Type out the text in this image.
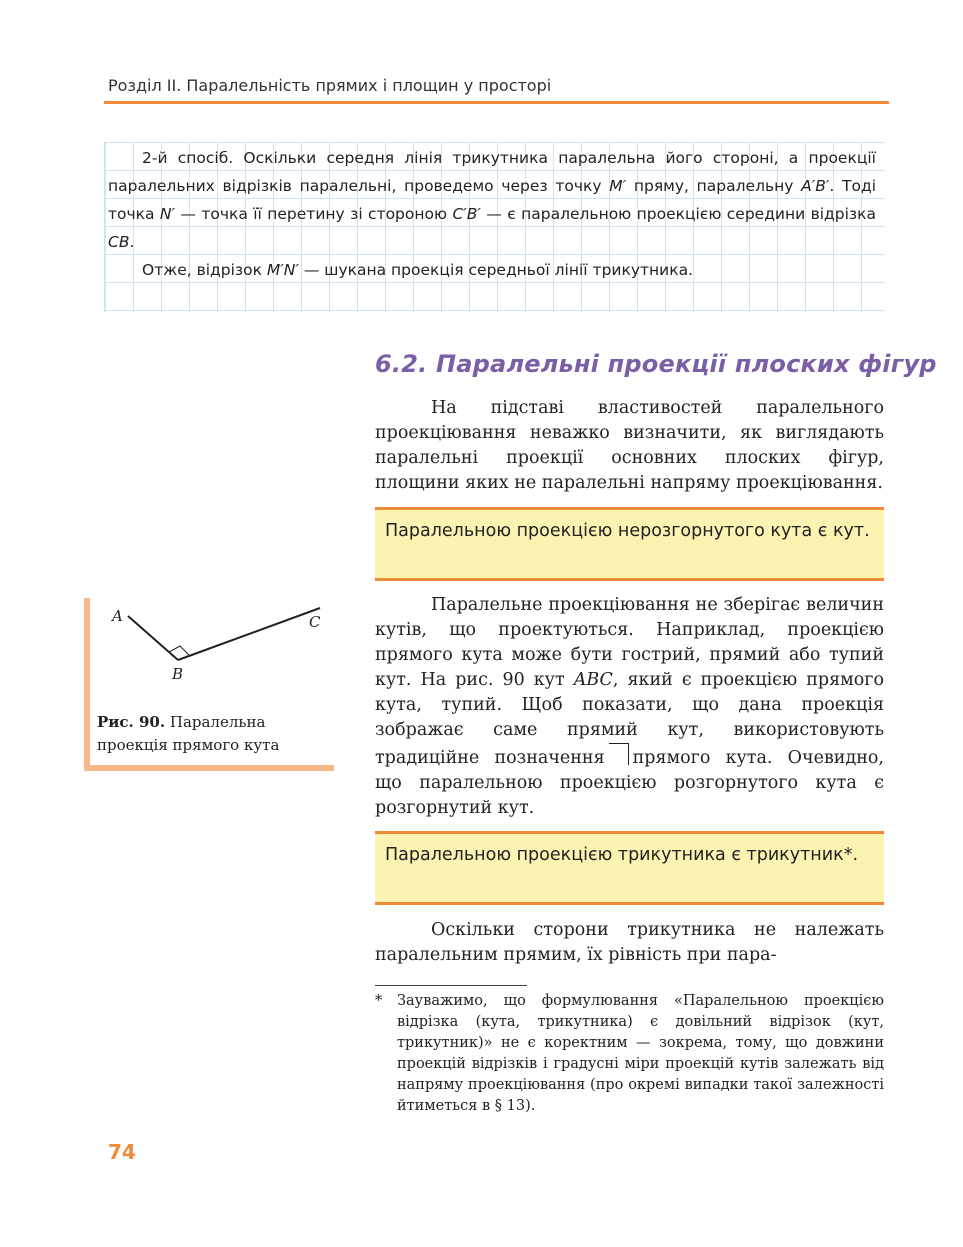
Розділ ІІ. Паралельність прямих і площин у просторі

2-й спосіб. Оскільки середня лінія трикутника паралельна його стороні, а проекції паралельних відрізків паралельні, проведемо через точку M′ пряму, паралельну A′B′. Тоді точка N′ — точка її перетину зі стороною C′B′ — є паралельною проекцією середини відрізка CB.

Отже, відрізок M′N′ — шукана проекція середньої лінії трикутника.

6.2. Паралельні проекції плоских фігур

На підставі властивостей паралельного проекціювання неважко визначити, як виглядають паралельні проекції основних плоских фігур, площини яких не паралельні напряму проекціювання.

Паралельною проекцією нерозгорнутого кута є кут.

Паралельне проекціювання не зберігає величин кутів, що проектуються. Наприклад, проекцією прямого кута може бути гострий, прямий або тупий кут. На рис. 90 кут ABC, який є проекцією прямого кута, тупий. Щоб показати, що дана проекція зображає саме прямий кут, використовують традиційне позначення прямого кута. Очевидно, що паралельною проекцією розгорнутого кута є розгорнутий кут.

Паралельною проекцією трикутника є трикутник*.

Оскільки сторони трикутника не належать паралельним прямим, їх рівність при пара-

A
B
C
Рис. 90. Паралельна проекція прямого кута
* Зауважимо, що формулювання «Паралельною проекцією відрізка (кута, трикутника) є довільний відрізок (кут, трикутник)» не є коректним — зокрема, тому, що довжини проекцій відрізків і градусні міри проекцій кутів залежать від напряму проекціювання (про окремі випадки такої залежності йтиметься в § 13).
74
